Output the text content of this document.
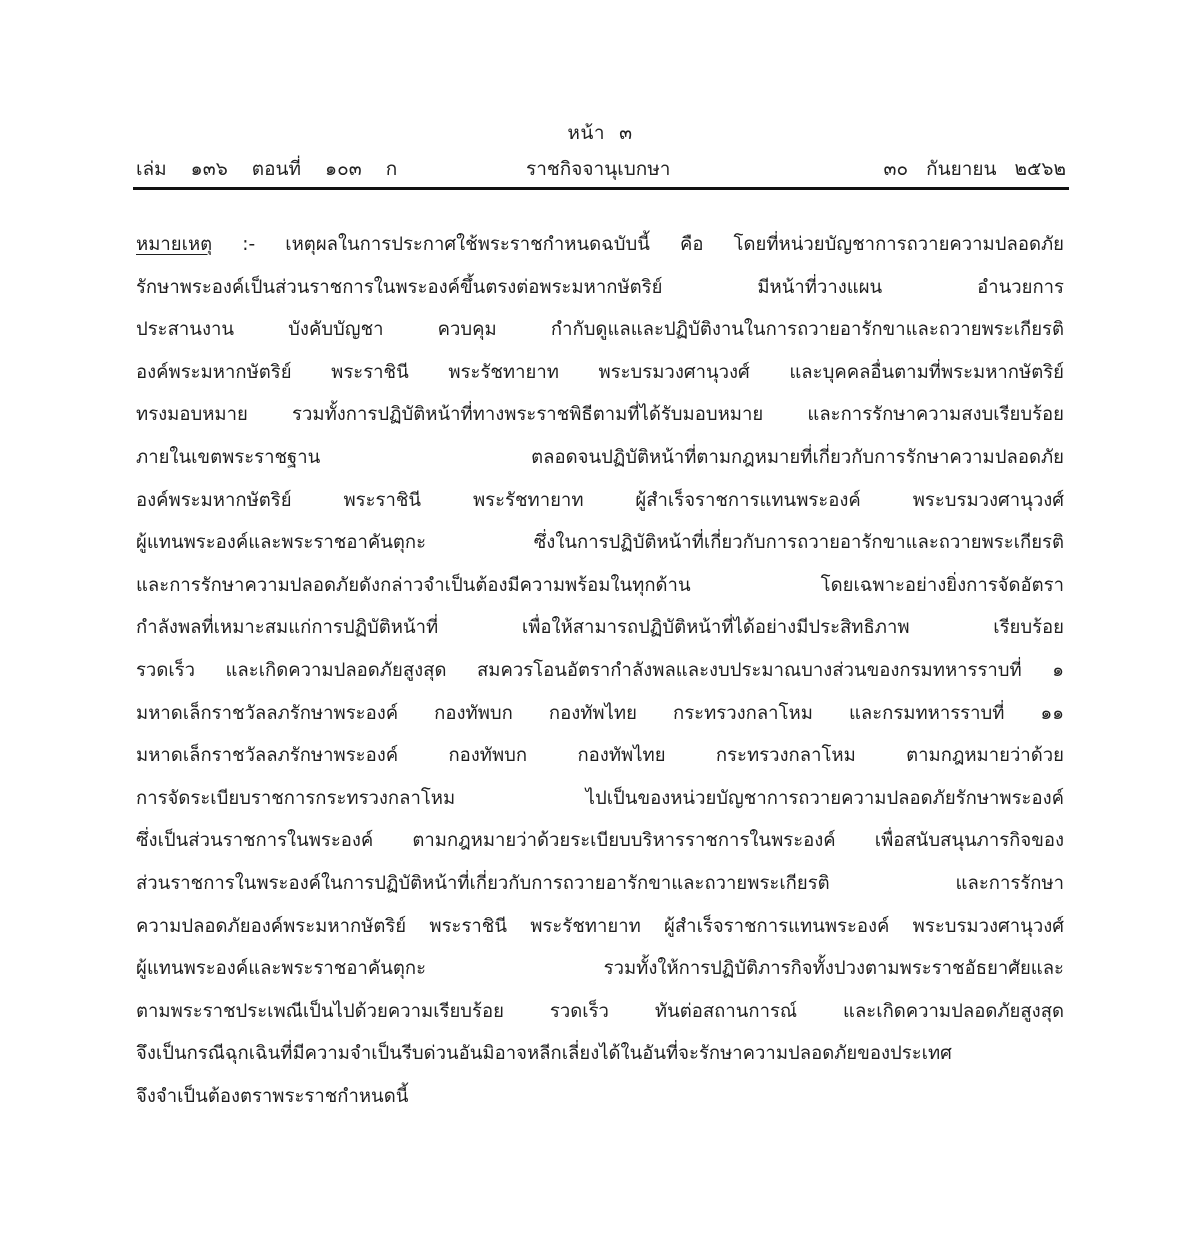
หน้า ๓
เล่ม ๑๓๖ ตอนที่ ๑๐๓ ก	ราชกิจจานุเบกษา	๓๐ กันยายน ๒๕๖๒
หมายเหตุ :- เหตุผลในการประกาศใช้พระราชกำหนดฉบับนี้ คือ โดยที่หน่วยบัญชาการถวายความปลอดภัย
รักษาพระองค์เป็นส่วนราชการในพระองค์ขึ้นตรงต่อพระมหากษัตริย์ มีหน้าที่วางแผน อำนวยการ
ประสานงาน บังคับบัญชา ควบคุม กำกับดูแลและปฏิบัติงานในการถวายอารักขาและถวายพระเกียรติ
องค์พระมหากษัตริย์ พระราชินี พระรัชทายาท พระบรมวงศานุวงศ์ และบุคคลอื่นตามที่พระมหากษัตริย์
ทรงมอบหมาย รวมทั้งการปฏิบัติหน้าที่ทางพระราชพิธีตามที่ได้รับมอบหมาย และการรักษาความสงบเรียบร้อย
ภายในเขตพระราชฐาน ตลอดจนปฏิบัติหน้าที่ตามกฎหมายที่เกี่ยวกับการรักษาความปลอดภัย
องค์พระมหากษัตริย์ พระราชินี พระรัชทายาท ผู้สำเร็จราชการแทนพระองค์ พระบรมวงศานุวงศ์
ผู้แทนพระองค์และพระราชอาคันตุกะ ซึ่งในการปฏิบัติหน้าที่เกี่ยวกับการถวายอารักขาและถวายพระเกียรติ
และการรักษาความปลอดภัยดังกล่าวจำเป็นต้องมีความพร้อมในทุกด้าน โดยเฉพาะอย่างยิ่งการจัดอัตรา
กำลังพลที่เหมาะสมแก่การปฏิบัติหน้าที่ เพื่อให้สามารถปฏิบัติหน้าที่ได้อย่างมีประสิทธิภาพ เรียบร้อย
รวดเร็ว และเกิดความปลอดภัยสูงสุด สมควรโอนอัตรากำลังพลและงบประมาณบางส่วนของกรมทหารราบที่ ๑
มหาดเล็กราชวัลลภรักษาพระองค์ กองทัพบก กองทัพไทย กระทรวงกลาโหม และกรมทหารราบที่ ๑๑
มหาดเล็กราชวัลลภรักษาพระองค์ กองทัพบก กองทัพไทย กระทรวงกลาโหม ตามกฎหมายว่าด้วย
การจัดระเบียบราชการกระทรวงกลาโหม ไปเป็นของหน่วยบัญชาการถวายความปลอดภัยรักษาพระองค์
ซึ่งเป็นส่วนราชการในพระองค์ ตามกฎหมายว่าด้วยระเบียบบริหารราชการในพระองค์ เพื่อสนับสนุนภารกิจของ
ส่วนราชการในพระองค์ในการปฏิบัติหน้าที่เกี่ยวกับการถวายอารักขาและถวายพระเกียรติ และการรักษา
ความปลอดภัยองค์พระมหากษัตริย์ พระราชินี พระรัชทายาท ผู้สำเร็จราชการแทนพระองค์ พระบรมวงศานุวงศ์
ผู้แทนพระองค์และพระราชอาคันตุกะ รวมทั้งให้การปฏิบัติภารกิจทั้งปวงตามพระราชอัธยาศัยและ
ตามพระราชประเพณีเป็นไปด้วยความเรียบร้อย รวดเร็ว ทันต่อสถานการณ์ และเกิดความปลอดภัยสูงสุด
จึงเป็นกรณีฉุกเฉินที่มีความจำเป็นรีบด่วนอันมิอาจหลีกเลี่ยงได้ในอันที่จะรักษาความปลอดภัยของประเทศ
จึงจำเป็นต้องตราพระราชกำหนดนี้
